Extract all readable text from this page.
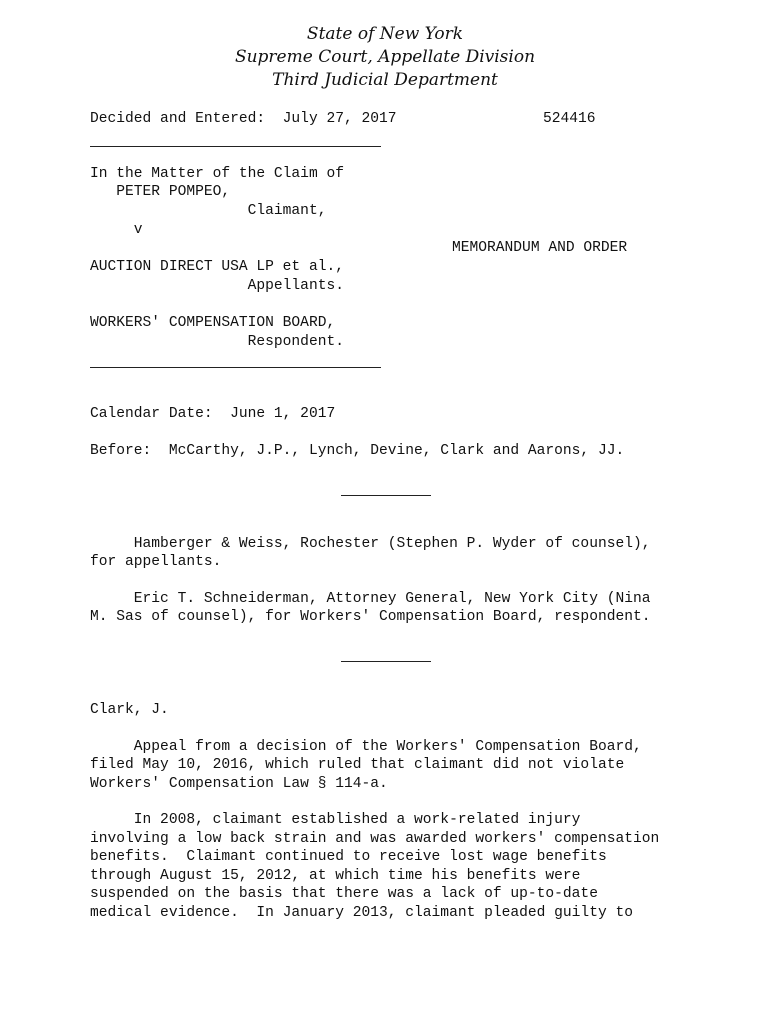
State of New York
Supreme Court, Appellate Division
Third Judicial Department
Decided and Entered:  July 27, 2017	524416
In the Matter of the Claim of
PETER POMPEO,
Claimant,
v
MEMORANDUM AND ORDER
AUCTION DIRECT USA LP et al.,
Appellants.
WORKERS' COMPENSATION BOARD,
Respondent.
Calendar Date:  June 1, 2017
Before:  McCarthy, J.P., Lynch, Devine, Clark and Aarons, JJ.
Hamberger & Weiss, Rochester (Stephen P. Wyder of counsel),
for appellants.
Eric T. Schneiderman, Attorney General, New York City (Nina
M. Sas of counsel), for Workers' Compensation Board, respondent.
Clark, J.
Appeal from a decision of the Workers' Compensation Board,
filed May 10, 2016, which ruled that claimant did not violate
Workers' Compensation Law § 114-a.
In 2008, claimant established a work-related injury
involving a low back strain and was awarded workers' compensation
benefits.  Claimant continued to receive lost wage benefits
through August 15, 2012, at which time his benefits were
suspended on the basis that there was a lack of up-to-date
medical evidence.  In January 2013, claimant pleaded guilty to
